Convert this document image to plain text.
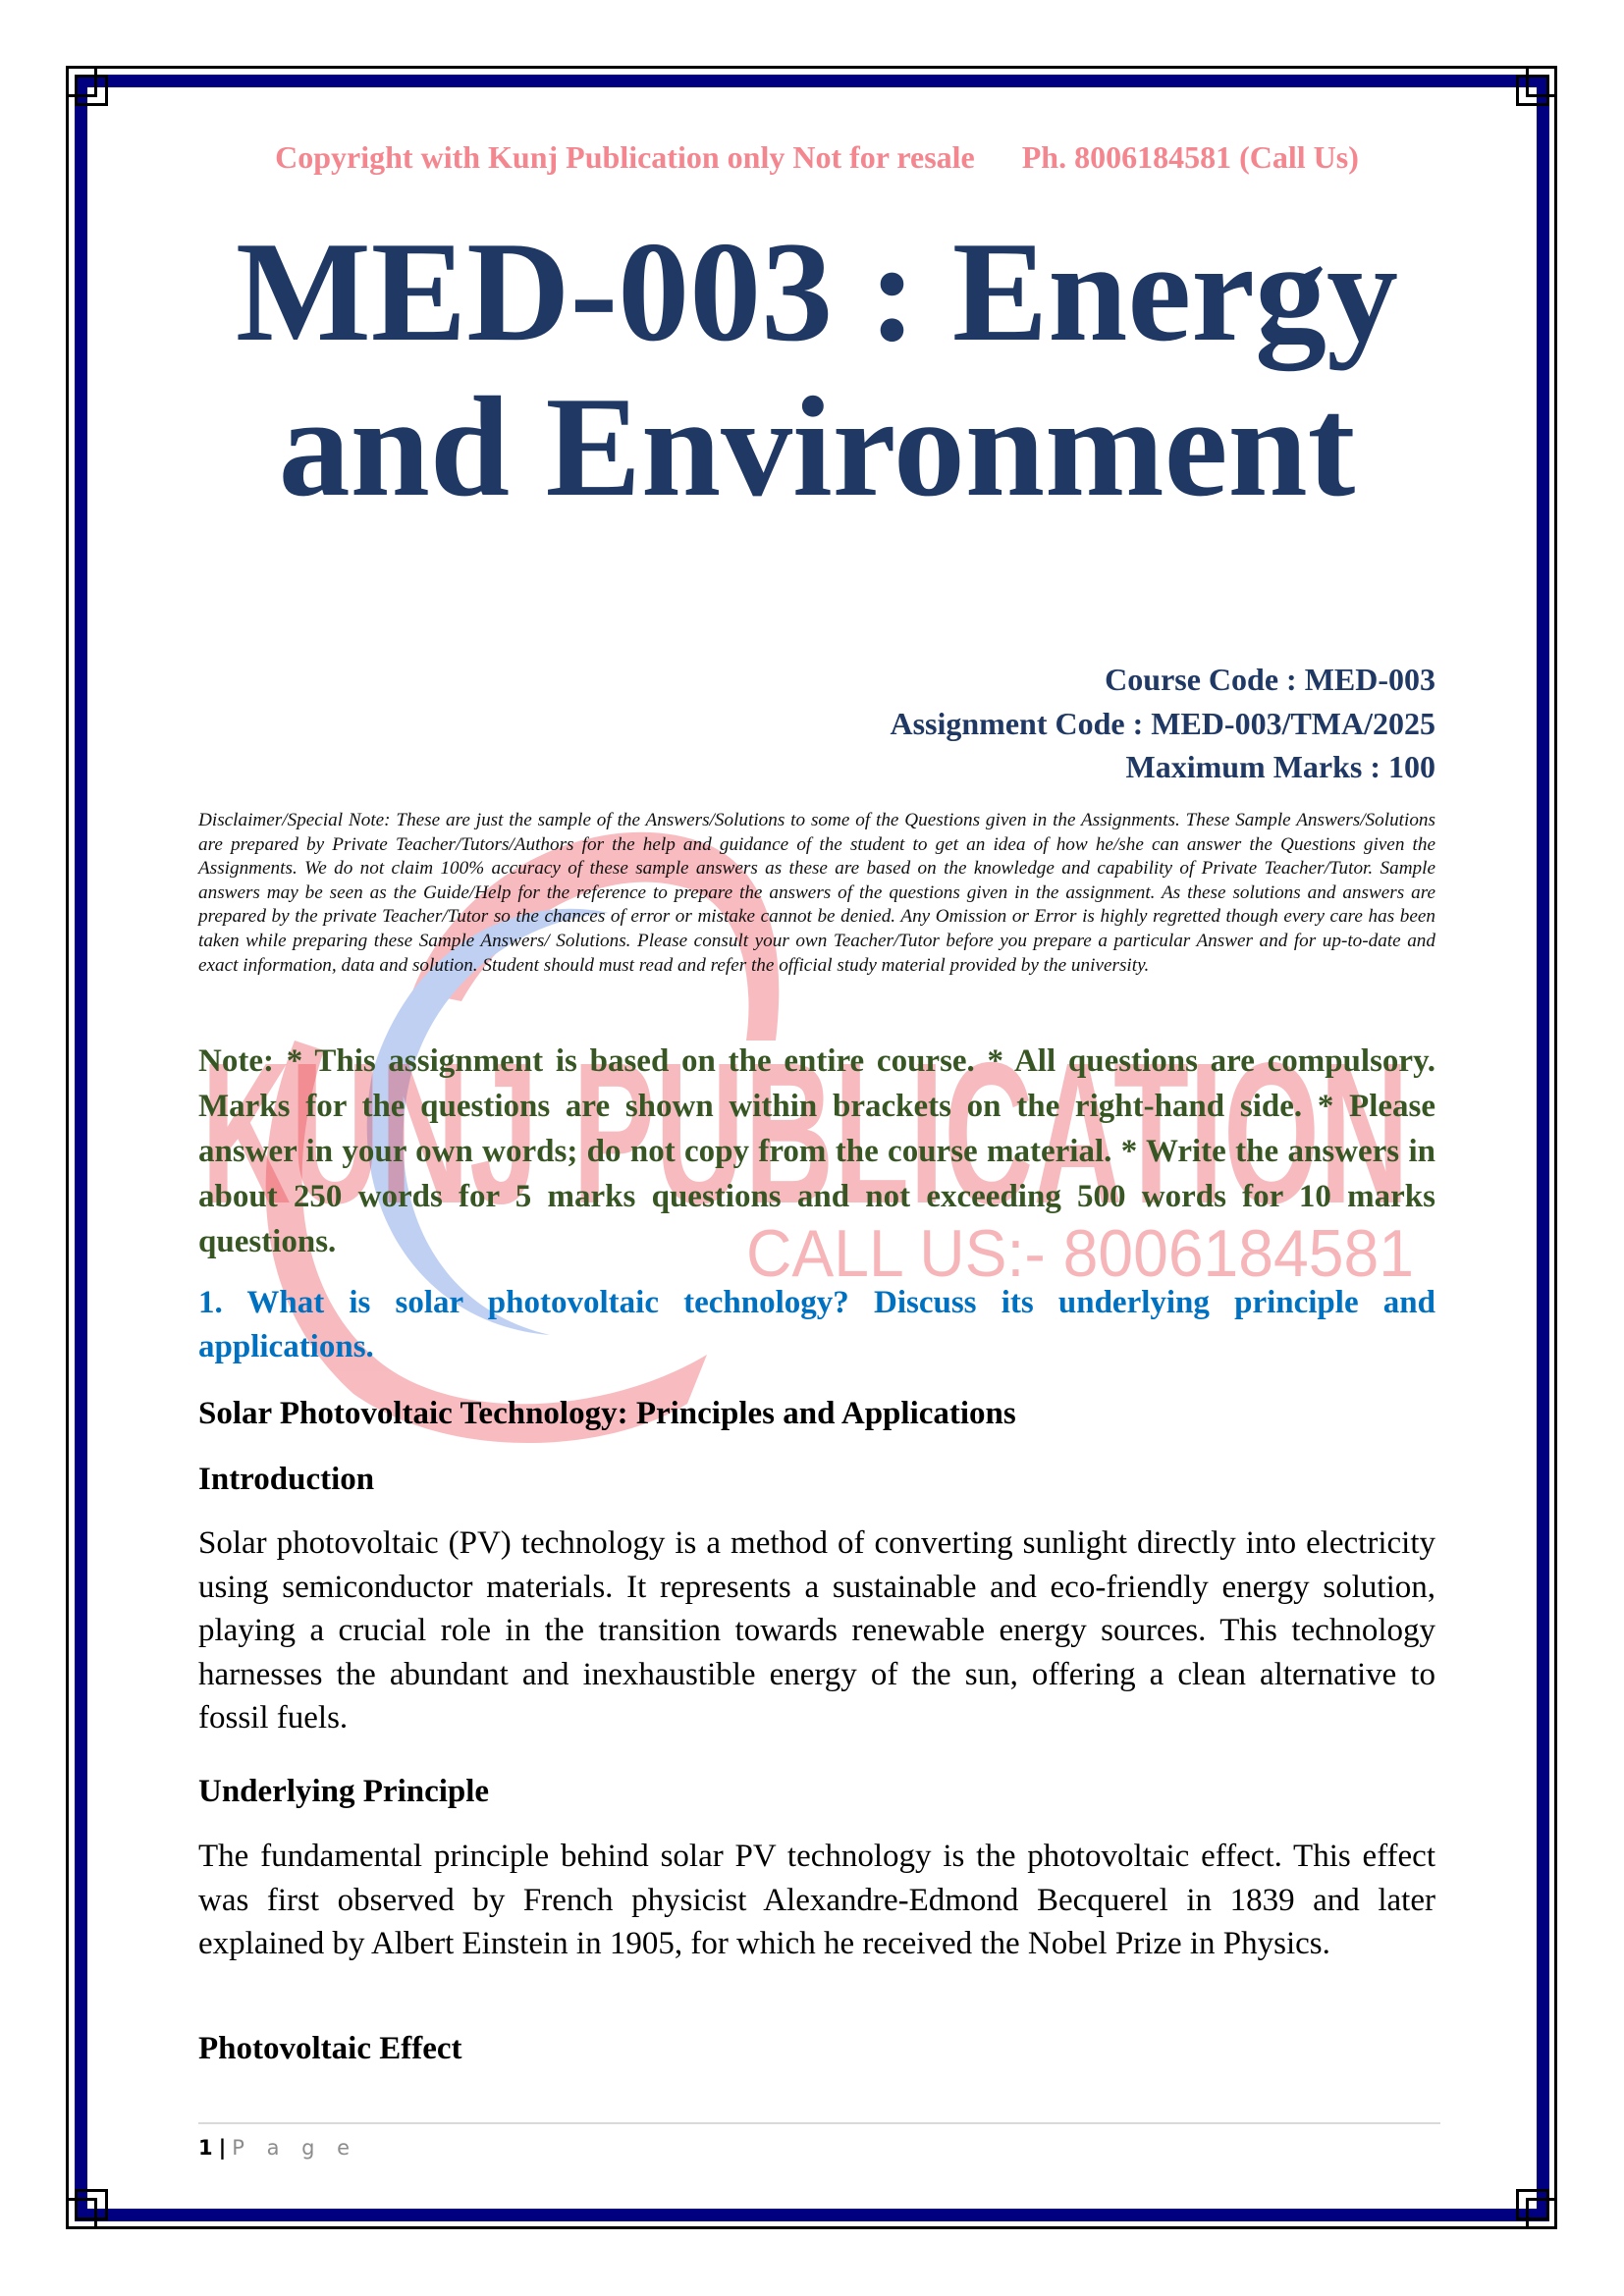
KUNJ PUBLICATION
CALL US:- 8006184581
Copyright with Kunj Publication only Not for resale Ph. 8006184581 (Call Us)
MED-003 : Energy
and Environment
Course Code : MED-003
Assignment Code : MED-003/TMA/2025
Maximum Marks : 100
Disclaimer/Special Note: These are just the sample of the Answers/Solutions to some of the Questions given in the Assignments. These Sample Answers/Solutions are prepared by Private Teacher/Tutors/Authors for the help and guidance of the student to get an idea of how he/she can answer the Questions given the Assignments. We do not claim 100% accuracy of these sample answers as these are based on the knowledge and capability of Private Teacher/Tutor. Sample answers may be seen as the Guide/Help for the reference to prepare the answers of the questions given in the assignment. As these solutions and answers are prepared by the private Teacher/Tutor so the chances of error or mistake cannot be denied. Any Omission or Error is highly regretted though every care has been taken while preparing these Sample Answers/ Solutions. Please consult your own Teacher/Tutor before you prepare a particular Answer and for up-to-date and exact information, data and solution. Student should must read and refer the official study material provided by the university.
Note: * This assignment is based on the entire course. * All questions are compulsory. Marks for the questions are shown within brackets on the right-hand side. * Please answer in your own words; do not copy from the course material. * Write the answers in about 250 words for 5 marks questions and not exceeding 500 words for 10 marks questions.
1. What is solar photovoltaic technology? Discuss its underlying principle and applications.
Solar Photovoltaic Technology: Principles and Applications
Introduction
Solar photovoltaic (PV) technology is a method of converting sunlight directly into electricity using semiconductor materials. It represents a sustainable and eco-friendly energy solution, playing a crucial role in the transition towards renewable energy sources. This technology harnesses the abundant and inexhaustible energy of the sun, offering a clean alternative to fossil fuels.
Underlying Principle
The fundamental principle behind solar PV technology is the photovoltaic effect. This effect was first observed by French physicist Alexandre-Edmond Becquerel in 1839 and later explained by Albert Einstein in 1905, for which he received the Nobel Prize in Physics.
Photovoltaic Effect
1 | P a g e
